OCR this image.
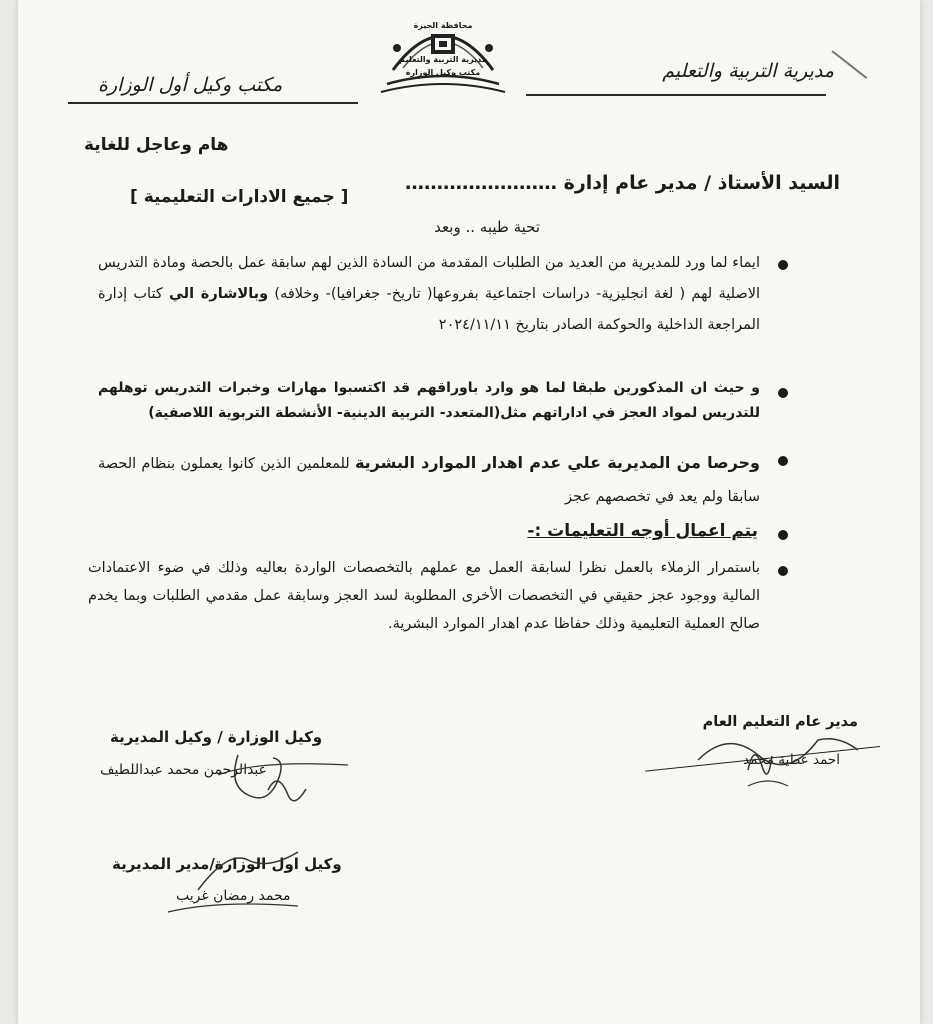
مديرية التربية والتعليم
مكتب وكيل أول الوزارة
محافظة الجيزة
مديرية التربية والتعليم
مكتب وكيل الوزارة
هام وعاجل للغاية
السيد الأستاذ / مدير عام إدارة ……………………
[ جميع الادارات التعليمية ]
تحية طيبه .. وبعد
ايماء لما ورد للمديرية من العديد من الطلبات المقدمة من السادة الذين لهم سابقة عمل بالحصة ومادة التدريس الاصلية لهم ( لغة انجليزية- دراسات اجتماعية بفروعها( تاريخ- جغرافيا)- وخلافه) وبالاشارة الي كتاب إدارة المراجعة الداخلية والحوكمة الصادر بتاريخ ٢٠٢٤/١١/١١
و حيث ان المذكورين طبقا لما هو وارد باوراقهم قد اكتسبوا مهارات وخبرات التدريس توهلهم للتدريس لمواد العجز في اداراتهم مثل(المتعدد- التربية الدينية- الأنشطة التربوية اللاصفية)
وحرصا من المديرية علي عدم اهدار الموارد البشرية للمعلمين الذين كانوا يعملون بنظام الحصة سابقا ولم يعد في تخصصهم عجز
يتم اعمال أوجه التعليمات :-
باستمرار الزملاء بالعمل نظرا لسابقة العمل مع عملهم بالتخصصات الواردة بعاليه وذلك في ضوء الاعتمادات المالية ووجود عجز حقيقي في التخصصات الأخرى المطلوبة لسد العجز وسابقة عمل مقدمي الطلبات وبما يخدم صالح العملية التعليمية وذلك حفاظا عدم اهدار الموارد البشرية.
مدير عام التعليم العام
احمد عطية محمد
وكيل الوزارة / وكيل المديرية
عبدالرحمن محمد عبداللطيف
وكيل اول الوزارة/مدير المديرية
محمد رمضان غريب
